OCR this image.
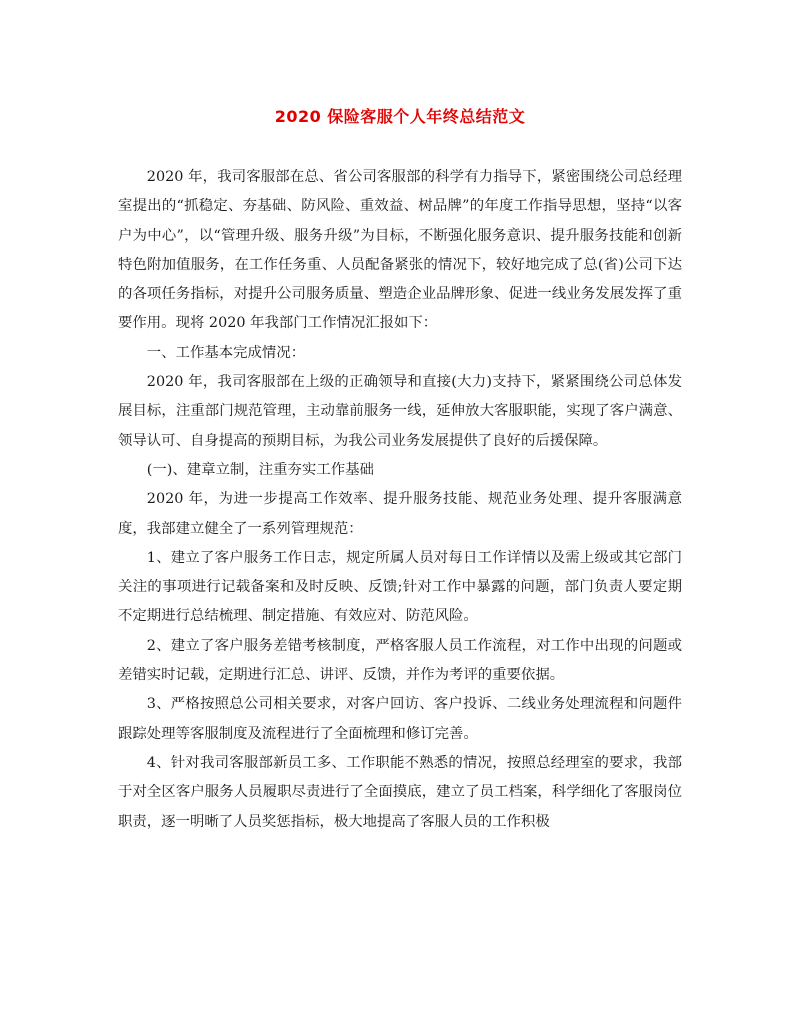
2020 保险客服个人年终总结范文

2020 年，我司客服部在总、省公司客服部的科学有力指导下，紧密围绕公司总经理室提出的“抓稳定、夯基础、防风险、重效益、树品牌”的年度工作指导思想，坚持“以客户为中心”，以“管理升级、服务升级”为目标，不断强化服务意识、提升服务技能和创新特色附加值服务，在工作任务重、人员配备紧张的情况下，较好地完成了总(省)公司下达的各项任务指标，对提升公司服务质量、塑造企业品牌形象、促进一线业务发展发挥了重要作用。现将 2020 年我部门工作情况汇报如下：

一、工作基本完成情况：

2020 年，我司客服部在上级的正确领导和直接(大力)支持下，紧紧围绕公司总体发展目标，注重部门规范管理，主动靠前服务一线，延伸放大客服职能，实现了客户满意、领导认可、自身提高的预期目标，为我公司业务发展提供了良好的后援保障。

(一)、建章立制，注重夯实工作基础

2020 年，为进一步提高工作效率、提升服务技能、规范业务处理、提升客服满意度，我部建立健全了一系列管理规范：

1、建立了客户服务工作日志，规定所属人员对每日工作详情以及需上级或其它部门关注的事项进行记载备案和及时反映、反馈;针对工作中暴露的问题，部门负责人要定期不定期进行总结梳理、制定措施、有效应对、防范风险。

2、建立了客户服务差错考核制度，严格客服人员工作流程，对工作中出现的问题或差错实时记载，定期进行汇总、讲评、反馈，并作为考评的重要依据。

3、严格按照总公司相关要求，对客户回访、客户投诉、二线业务处理流程和问题件跟踪处理等客服制度及流程进行了全面梳理和修订完善。

4、针对我司客服部新员工多、工作职能不熟悉的情况，按照总经理室的要求，我部于对全区客户服务人员履职尽责进行了全面摸底，建立了员工档案，科学细化了客服岗位职责，逐一明晰了人员奖惩指标，极大地提高了客服人员的工作积极
